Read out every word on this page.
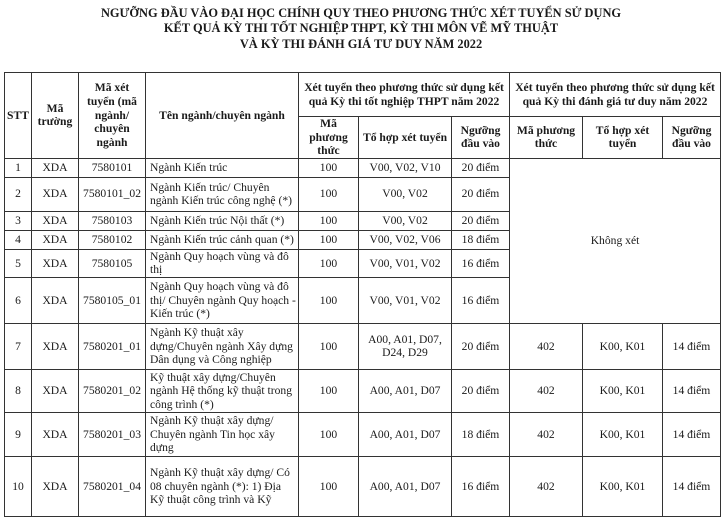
NGƯỠNG ĐẦU VÀO ĐẠI HỌC CHÍNH QUY THEO PHƯƠNG THỨC XÉT TUYỂN SỬ DỤNG
KẾT QUẢ KỲ THI TỐT NGHIỆP THPT, KỲ THI MÔN VẼ MỸ THUẬT
VÀ KỲ THI ĐÁNH GIÁ TƯ DUY NĂM 2022
STT	Mã trường	Mã xét tuyển (mã ngành/ chuyên ngành	Tên ngành/chuyên ngành	Xét tuyển theo phương thức sử dụng kết quả Kỳ thi tốt nghiệp THPT năm 2022			Xét tuyển theo phương thức sử dụng kết quả Kỳ thi đánh giá tư duy năm 2022		
				Mã phương thức	Tổ hợp xét tuyển	Ngưỡng đầu vào	Mã phương thức	Tổ hợp xét tuyển	Ngưỡng đầu vào
1	XDA	7580101	Ngành Kiến trúc	100	V00, V02, V10	20 điểm	Không xét		
2	XDA	7580101_02	Ngành Kiến trúc/ Chuyên ngành Kiến trúc công nghệ (*)	100	V00, V02	20 điểm			
3	XDA	7580103	Ngành Kiến trúc Nội thất (*)	100	V00, V02	20 điểm			
4	XDA	7580102	Ngành Kiến trúc cảnh quan (*)	100	V00, V02, V06	18 điểm			
5	XDA	7580105	Ngành Quy hoạch vùng và đô thị	100	V00, V01, V02	16 điểm			
6	XDA	7580105_01	Ngành Quy hoạch vùng và đô thị/ Chuyên ngành Quy hoạch - Kiến trúc (*)	100	V00, V01, V02	16 điểm			
7	XDA	7580201_01	Ngành Kỹ thuật xây dựng/Chuyên ngành Xây dựng Dân dụng và Công nghiệp	100	A00, A01, D07, D24, D29	20 điểm	402	K00, K01	14 điểm
8	XDA	7580201_02	Kỹ thuật xây dựng/Chuyên ngành Hệ thống kỹ thuật trong công trình (*)	100	A00, A01, D07	20 điểm	402	K00, K01	14 điểm
9	XDA	7580201_03	Ngành Kỹ thuật xây dựng/ Chuyên ngành Tin học xây dựng	100	A00, A01, D07	18 điểm	402	K00, K01	14 điểm
10	XDA	7580201_04	Ngành Kỹ thuật xây dựng/ Có 08 chuyên ngành (*): 1) Địa Kỹ thuật công trình và Kỹ	100	A00, A01, D07	16 điểm	402	K00, K01	14 điểm
